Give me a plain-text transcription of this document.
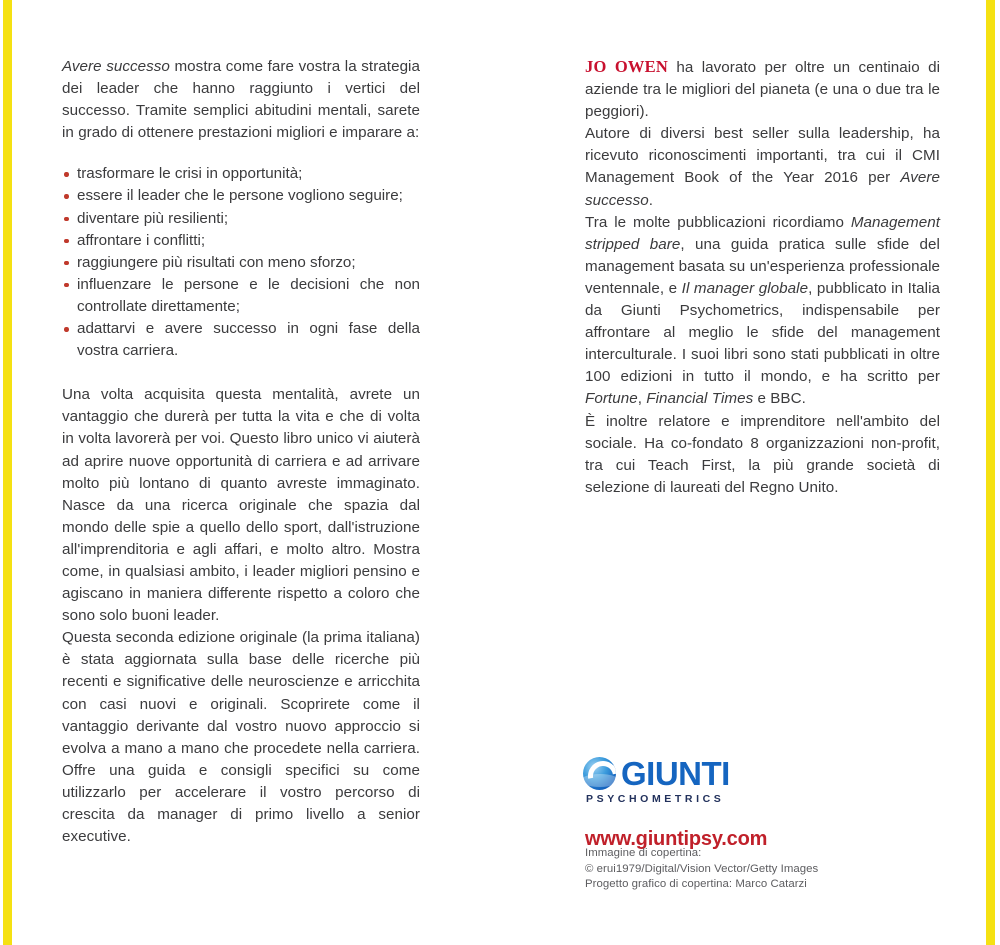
Avere successo mostra come fare vostra la strategia dei leader che hanno raggiunto i vertici del successo. Tramite semplici abitudini mentali, sarete in grado di ottenere prestazioni migliori e imparare a:

trasformare le crisi in opportunità;
essere il leader che le persone vogliono seguire;
diventare più resilienti;
affrontare i conflitti;
raggiungere più risultati con meno sforzo;
influenzare le persone e le decisioni che non controllate direttamente;
adattarvi e avere successo in ogni fase della vostra carriera.

Una volta acquisita questa mentalità, avrete un vantaggio che durerà per tutta la vita e che di volta in volta lavorerà per voi. Questo libro unico vi aiuterà ad aprire nuove opportunità di carriera e ad arrivare molto più lontano di quanto avreste immaginato. Nasce da una ricerca originale che spazia dal mondo delle spie a quello dello sport, dall'istruzione all'imprenditoria e agli affari, e molto altro. Mostra come, in qualsiasi ambito, i leader migliori pensino e agiscano in maniera differente rispetto a coloro che sono solo buoni leader.

Questa seconda edizione originale (la prima italiana) è stata aggiornata sulla base delle ricerche più recenti e significative delle neuroscienze e arricchita con casi nuovi e originali. Scoprirete come il vantaggio derivante dal vostro nuovo approccio si evolva a mano a mano che procedete nella carriera. Offre una guida e consigli specifici su come utilizzarlo per accelerare il vostro percorso di crescita da manager di primo livello a senior executive.

JO OWEN ha lavorato per oltre un centinaio di aziende tra le migliori del pianeta (e una o due tra le peggiori).

Autore di diversi best seller sulla leadership, ha ricevuto riconoscimenti importanti, tra cui il CMI Management Book of the Year 2016 per Avere successo.

Tra le molte pubblicazioni ricordiamo Management stripped bare, una guida pratica sulle sfide del management basata su un'esperienza professionale ventennale, e Il manager globale, pubblicato in Italia da Giunti Psychometrics, indispensabile per affrontare al meglio le sfide del management interculturale. I suoi libri sono stati pubblicati in oltre 100 edizioni in tutto il mondo, e ha scritto per Fortune, Financial Times e BBC.

È inoltre relatore e imprenditore nell'ambito del sociale. Ha co-fondato 8 organizzazioni non-profit, tra cui Teach First, la più grande società di selezione di laureati del Regno Unito.

GIUNTI
PSYCHOMETRICS
www.giuntipsy.com
Immagine di copertina:
© erui1979/Digital/Vision Vector/Getty Images
Progetto grafico di copertina: Marco Catarzi
